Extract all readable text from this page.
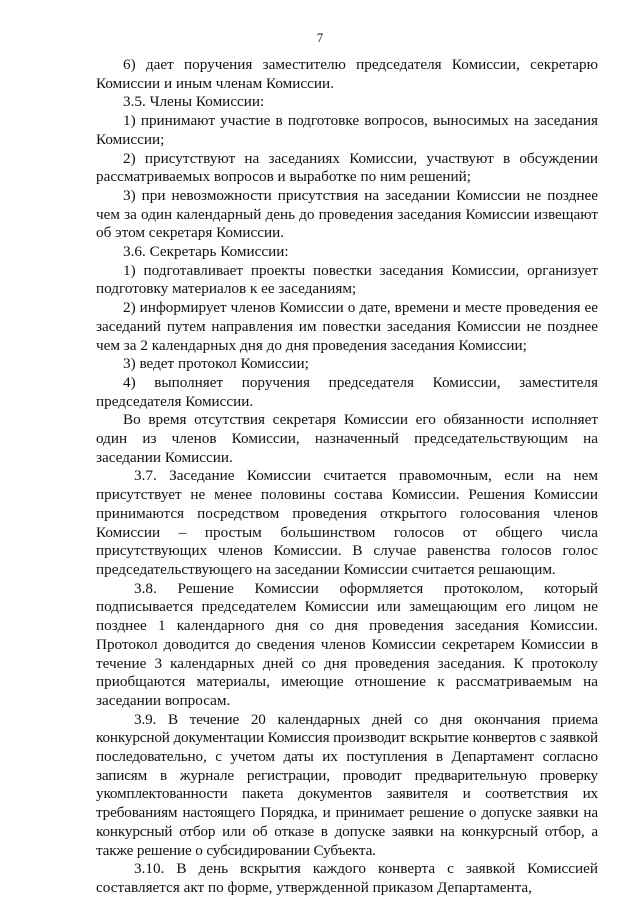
7

6) дает поручения заместителю председателя Комиссии, секретарю Комиссии и иным членам Комиссии.

3.5. Члены Комиссии:

1) принимают участие в подготовке вопросов, выносимых на заседания Комиссии;

2) присутствуют на заседаниях Комиссии, участвуют в обсуждении рассматриваемых вопросов и выработке по ним решений;

3) при невозможности присутствия на заседании Комиссии не позднее чем за один календарный день до проведения заседания Комиссии извещают об этом секретаря Комиссии.

3.6. Секретарь Комиссии:

1) подготавливает проекты повестки заседания Комиссии, организует подготовку материалов к ее заседаниям;

2) информирует членов Комиссии о дате, времени и месте проведения ее заседаний путем направления им повестки заседания Комиссии не позднее чем за 2 календарных дня до дня проведения заседания Комиссии;

3) ведет протокол Комиссии;

4) выполняет поручения председателя Комиссии, заместителя председателя Комиссии.

Во время отсутствия секретаря Комиссии его обязанности исполняет один из членов Комиссии, назначенный председательствующим на заседании Комиссии.

3.7. Заседание Комиссии считается правомочным, если на нем присутствует не менее половины состава Комиссии. Решения Комиссии принимаются посредством проведения открытого голосования членов Комиссии – простым большинством голосов от общего числа присутствующих членов Комиссии. В случае равенства голосов голос председательствующего на заседании Комиссии считается решающим.

3.8. Решение Комиссии оформляется протоколом, который подписывается председателем Комиссии или замещающим его лицом не позднее 1 календарного дня со дня проведения заседания Комиссии. Протокол доводится до сведения членов Комиссии секретарем Комиссии в течение 3 календарных дней со дня проведения заседания. К протоколу приобщаются материалы, имеющие отношение к рассматриваемым на заседании вопросам.

3.9. В течение 20 календарных дней со дня окончания приема конкурсной документации Комиссия производит вскрытие конвертов с заявкой последовательно, с учетом даты их поступления в Департамент согласно записям в журнале регистрации, проводит предварительную проверку укомплектованности пакета документов заявителя и соответствия их требованиям настоящего Порядка, и принимает решение о допуске заявки на конкурсный отбор или об отказе в допуске заявки на конкурсный отбор, а также решение о субсидировании Субъекта.

3.10. В день вскрытия каждого конверта с заявкой Комиссией составляется акт по форме, утвержденной приказом Департамента,
